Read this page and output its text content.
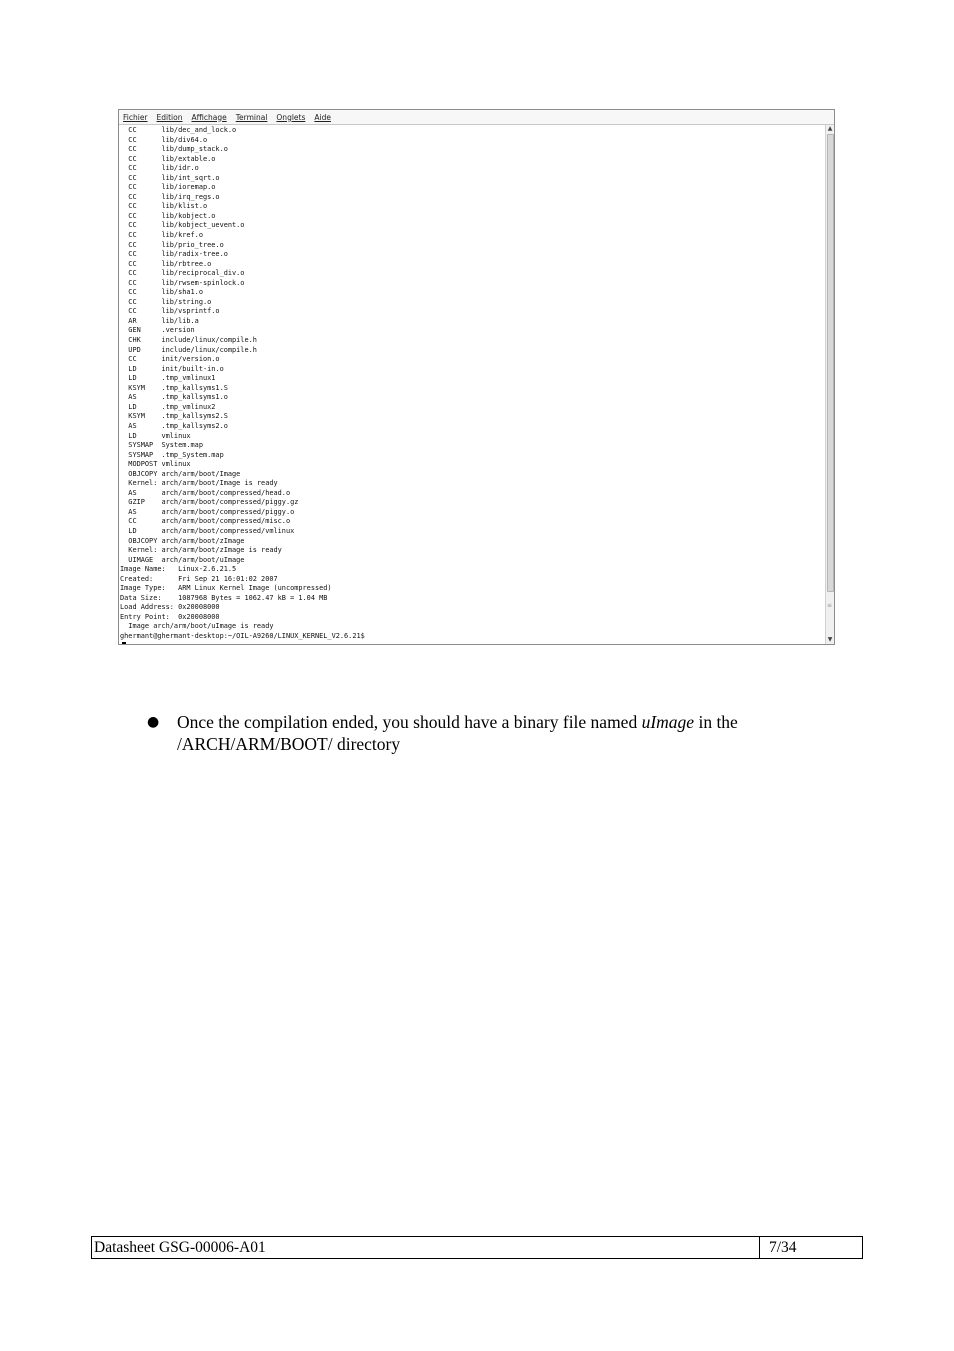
Fichier Edition Affichage Terminal Onglets Aide
CC      lib/dec_and_lock.o
CC      lib/div64.o
CC      lib/dump_stack.o
CC      lib/extable.o
CC      lib/idr.o
CC      lib/int_sqrt.o
CC      lib/ioremap.o
CC      lib/irq_regs.o
CC      lib/klist.o
CC      lib/kobject.o
CC      lib/kobject_uevent.o
CC      lib/kref.o
CC      lib/prio_tree.o
CC      lib/radix-tree.o
CC      lib/rbtree.o
CC      lib/reciprocal_div.o
CC      lib/rwsem-spinlock.o
CC      lib/sha1.o
CC      lib/string.o
CC      lib/vsprintf.o
AR      lib/lib.a
GEN     .version
CHK     include/linux/compile.h
UPD     include/linux/compile.h
CC      init/version.o
LD      init/built-in.o
LD      .tmp_vmlinux1
KSYM    .tmp_kallsyms1.S
AS      .tmp_kallsyms1.o
LD      .tmp_vmlinux2
KSYM    .tmp_kallsyms2.S
AS      .tmp_kallsyms2.o
LD      vmlinux
SYSMAP  System.map
SYSMAP  .tmp_System.map
MODPOST vmlinux
OBJCOPY arch/arm/boot/Image
Kernel: arch/arm/boot/Image is ready
AS      arch/arm/boot/compressed/head.o
GZIP    arch/arm/boot/compressed/piggy.gz
AS      arch/arm/boot/compressed/piggy.o
CC      arch/arm/boot/compressed/misc.o
LD      arch/arm/boot/compressed/vmlinux
OBJCOPY arch/arm/boot/zImage
Kernel: arch/arm/boot/zImage is ready
UIMAGE  arch/arm/boot/uImage
Image Name:   Linux-2.6.21.5
Created:      Fri Sep 21 16:01:02 2007
Image Type:   ARM Linux Kernel Image (uncompressed)
Data Size:    1087968 Bytes = 1062.47 kB = 1.04 MB
Load Address: 0x20008000
Entry Point:  0x20008000
Image arch/arm/boot/uImage is ready
ghermant@ghermant-desktop:~/OIL-A9260/LINUX_KERNEL_V2.6.21$
▲
≡
▼
● Once the compilation ended, you should have a binary file named uImage in the /ARCH/ARM/BOOT/ directory
Datasheet GSG-00006-A01	7/34
